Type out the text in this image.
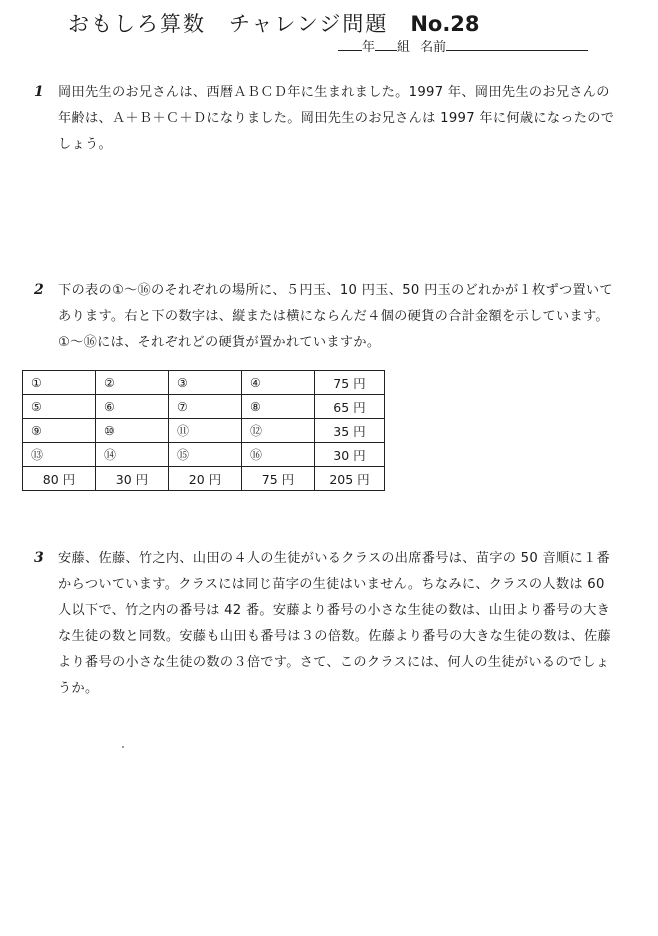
おもしろ算数　チャレンジ問題 No.28
年 組 名前
1 岡田先生のお兄さんは、西暦ＡＢＣＤ年に生まれました。1997 年、岡田先生のお兄さんの年齢は、Ａ＋Ｂ＋Ｃ＋Ｄになりました。岡田先生のお兄さんは 1997 年に何歳になったのでしょう。
2 下の表の①～⑯のそれぞれの場所に、５円玉、10 円玉、50 円玉のどれかが１枚ずつ置いてあります。右と下の数字は、縦または横にならんだ４個の硬貨の合計金額を示しています。①～⑯には、それぞれどの硬貨が置かれていますか。
①	②	③	④	75 円
⑤	⑥	⑦	⑧	65 円
⑨	⑩	⑪	⑫	35 円
⑬	⑭	⑮	⑯	30 円
80 円	30 円	20 円	75 円	205 円
3 安藤、佐藤、竹之内、山田の４人の生徒がいるクラスの出席番号は、苗字の 50 音順に１番からついています。クラスには同じ苗字の生徒はいません。ちなみに、クラスの人数は 60 人以下で、竹之内の番号は 42 番。安藤より番号の小さな生徒の数は、山田より番号の大きな生徒の数と同数。安藤も山田も番号は３の倍数。佐藤より番号の大きな生徒の数は、佐藤より番号の小さな生徒の数の３倍です。さて、このクラスには、何人の生徒がいるのでしょうか。
